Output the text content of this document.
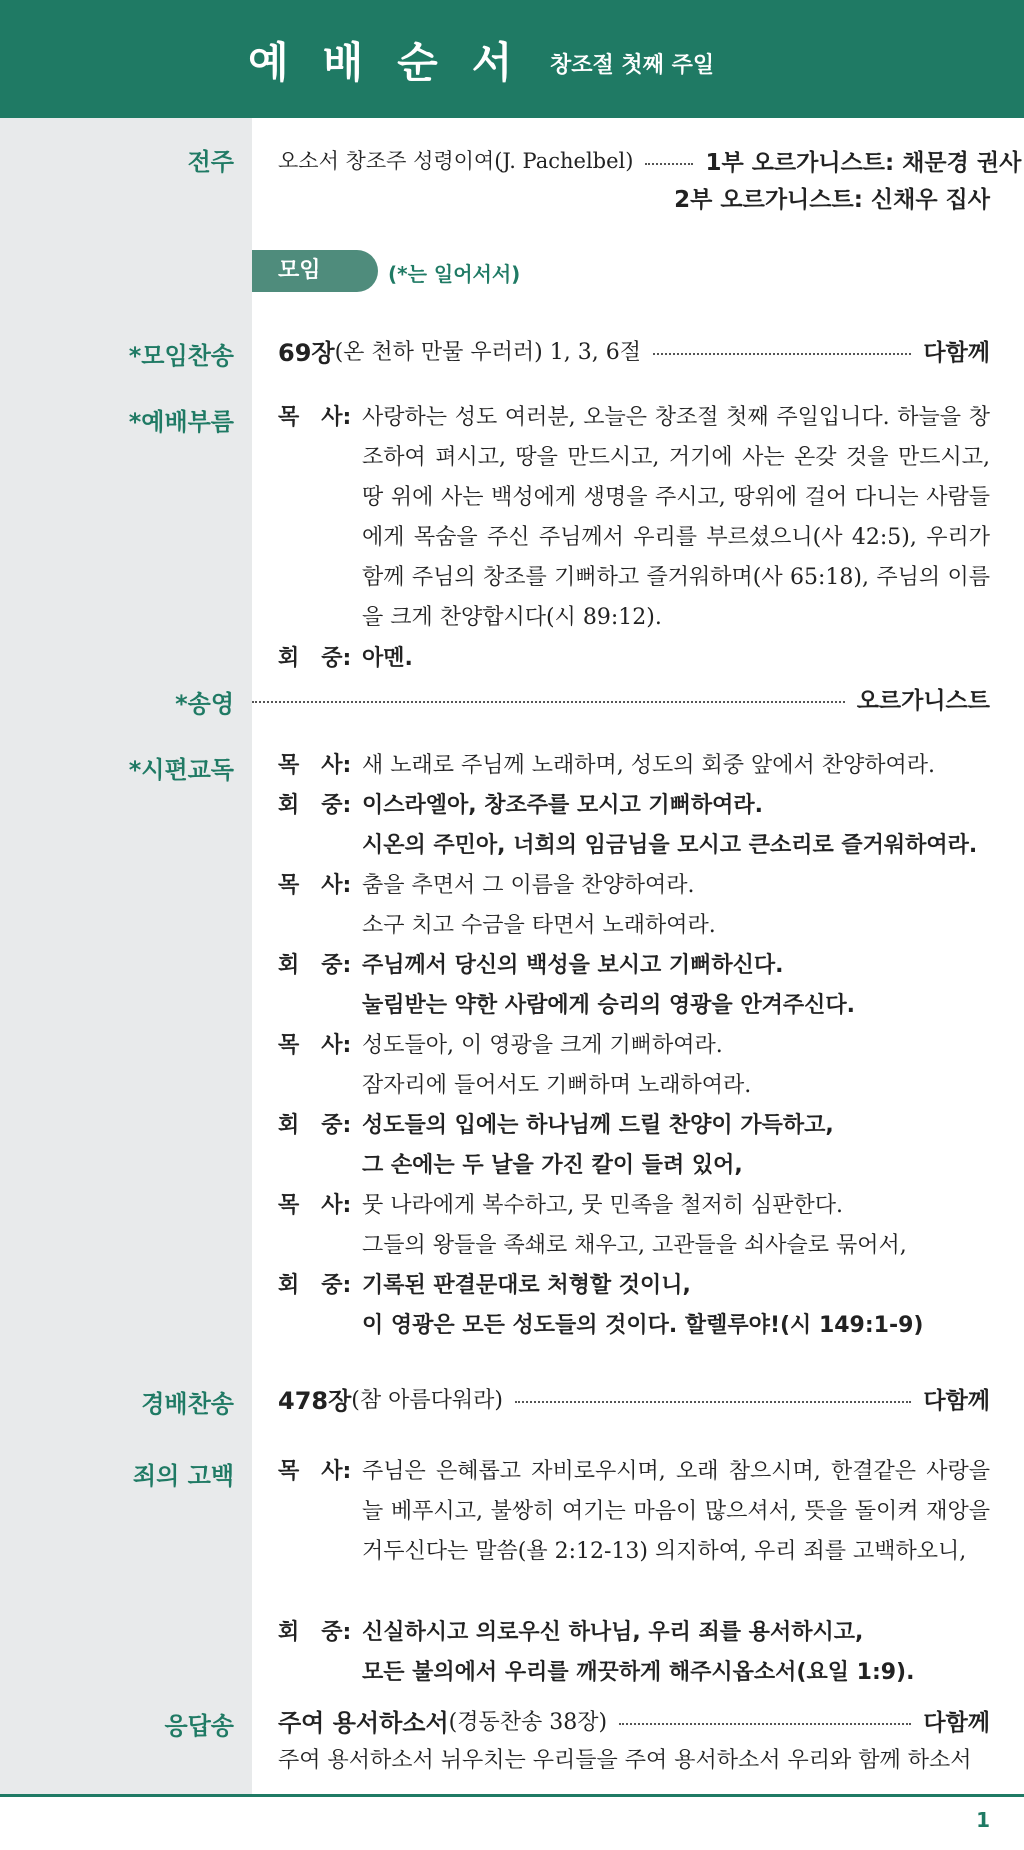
예배순서 창조절 첫째 주일
전주 오소서 창조주 성령이여(J. Pachelbel)	1부 오르가니스트: 채문경 권사
2부 오르가니스트: 신채우 집사
모임	(*는 일어서서)
*모임찬송 69장 (온 천하 만물 우러러) 1, 3, 6절	다함께
*예배부름 목　사: 사랑하는 성도 여러분, 오늘은 창조절 첫째 주일입니다. 하늘을 창조하여 펴시고, 땅을 만드시고, 거기에 사는 온갖 것을 만드시고, 땅 위에 사는 백성에게 생명을 주시고, 땅위에 걸어 다니는 사람들에게 목숨을 주신 주님께서 우리를 부르셨으니(사 42:5), 우리가 함께 주님의 창조를 기뻐하고 즐거워하며(사 65:18), 주님의 이름을 크게 찬양합시다(시 89:12).
회　중: 아멘.
*송영	오르가니스트
*시편교독 목　사: 새 노래로 주님께 노래하며, 성도의 회중 앞에서 찬양하여라.
회　중: 이스라엘아, 창조주를 모시고 기뻐하여라.
시온의 주민아, 너희의 임금님을 모시고 큰소리로 즐거워하여라.
목　사: 춤을 추면서 그 이름을 찬양하여라.
소구 치고 수금을 타면서 노래하여라.
회　중: 주님께서 당신의 백성을 보시고 기뻐하신다.
눌림받는 약한 사람에게 승리의 영광을 안겨주신다.
목　사: 성도들아, 이 영광을 크게 기뻐하여라.
잠자리에 들어서도 기뻐하며 노래하여라.
회　중: 성도들의 입에는 하나님께 드릴 찬양이 가득하고,
그 손에는 두 날을 가진 칼이 들려 있어,
목　사: 뭇 나라에게 복수하고, 뭇 민족을 철저히 심판한다.
그들의 왕들을 족쇄로 채우고, 고관들을 쇠사슬로 묶어서,
회　중: 기록된 판결문대로 처형할 것이니,
이 영광은 모든 성도들의 것이다. 할렐루야!(시 149:1-9)
경배찬송 478장 (참 아름다워라)	다함께
죄의 고백 목　사: 주님은 은혜롭고 자비로우시며, 오래 참으시며, 한결같은 사랑을 늘 베푸시고, 불쌍히 여기는 마음이 많으셔서, 뜻을 돌이켜 재앙을 거두신다는 말씀(욜 2:12-13) 의지하여, 우리 죄를 고백하오니,
회　중: 신실하시고 의로우신 하나님, 우리 죄를 용서하시고,
모든 불의에서 우리를 깨끗하게 해주시옵소서(요일 1:9).
응답송 주여 용서하소서 (경동찬송 38장)	다함께
주여 용서하소서 뉘우치는 우리들을 주여 용서하소서 우리와 함께 하소서
1
